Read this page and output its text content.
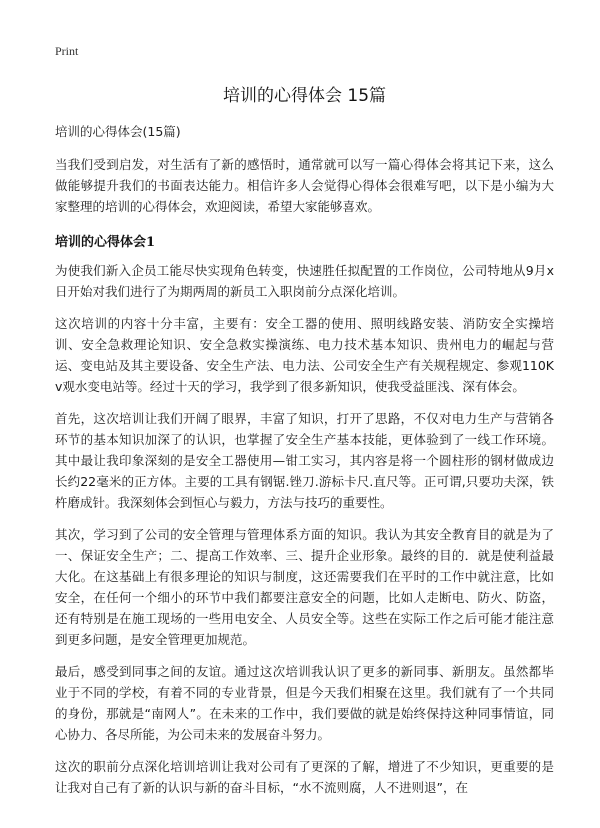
Print
培训的心得体会 15篇
培训的心得体会(15篇)

当我们受到启发，对生活有了新的感悟时，通常就可以写一篇心得体会将其记下来，这么做能够提升我们的书面表达能力。相信许多人会觉得心得体会很难写吧，以下是小编为大家整理的培训的心得体会，欢迎阅读，希望大家能够喜欢。

培训的心得体会1

为使我们新入企员工能尽快实现角色转变，快速胜任拟配置的工作岗位，公司特地从9月x日开始对我们进行了为期两周的新员工入职岗前分点深化培训。

这次培训的内容十分丰富，主要有：安全工器的使用、照明线路安装、消防安全实操培训、安全急救理论知识、安全急救实操演练、电力技术基本知识、贵州电力的崛起与营运、变电站及其主要设备、安全生产法、电力法、公司安全生产有关规程规定、参观110Kv观水变电站等。经过十天的学习，我学到了很多新知识，使我受益匪浅、深有体会。

首先，这次培训让我们开阔了眼界，丰富了知识，打开了思路，不仅对电力生产与营销各环节的基本知识加深了的认识，也掌握了安全生产基本技能，更体验到了一线工作环境。其中最让我印象深刻的是安全工器使用—钳工实习，其内容是将一个圆柱形的钢材做成边长约22毫米的正方体。主要的工具有钢锯.锉刀.游标卡尺.直尺等。正可谓,只要功夫深，铁杵磨成针。我深刻体会到恒心与毅力，方法与技巧的重要性。

其次，学习到了公司的安全管理与管理体系方面的知识。我认为其安全教育目的就是为了一、保证安全生产；二、提高工作效率、三、提升企业形象。最终的目的．就是使利益最大化。在这基础上有很多理论的知识与制度，这还需要我们在平时的工作中就注意，比如安全，在任何一个细小的环节中我们都要注意安全的问题，比如人走断电、防火、防盗，还有特别是在施工现场的一些用电安全、人员安全等。这些在实际工作之后可能才能注意到更多问题，是安全管理更加规范。

最后，感受到同事之间的友谊。通过这次培训我认识了更多的新同事、新朋友。虽然都毕业于不同的学校，有着不同的专业背景，但是今天我们相聚在这里。我们就有了一个共同的身份，那就是“南网人”。在未来的工作中，我们要做的就是始终保持这种同事情谊，同心协力、各尽所能，为公司未来的发展奋斗努力。

这次的职前分点深化培训培训让我对公司有了更深的了解，增进了不少知识，更重要的是让我对自己有了新的认识与新的奋斗目标，“水不流则腐，人不进则退”，在
